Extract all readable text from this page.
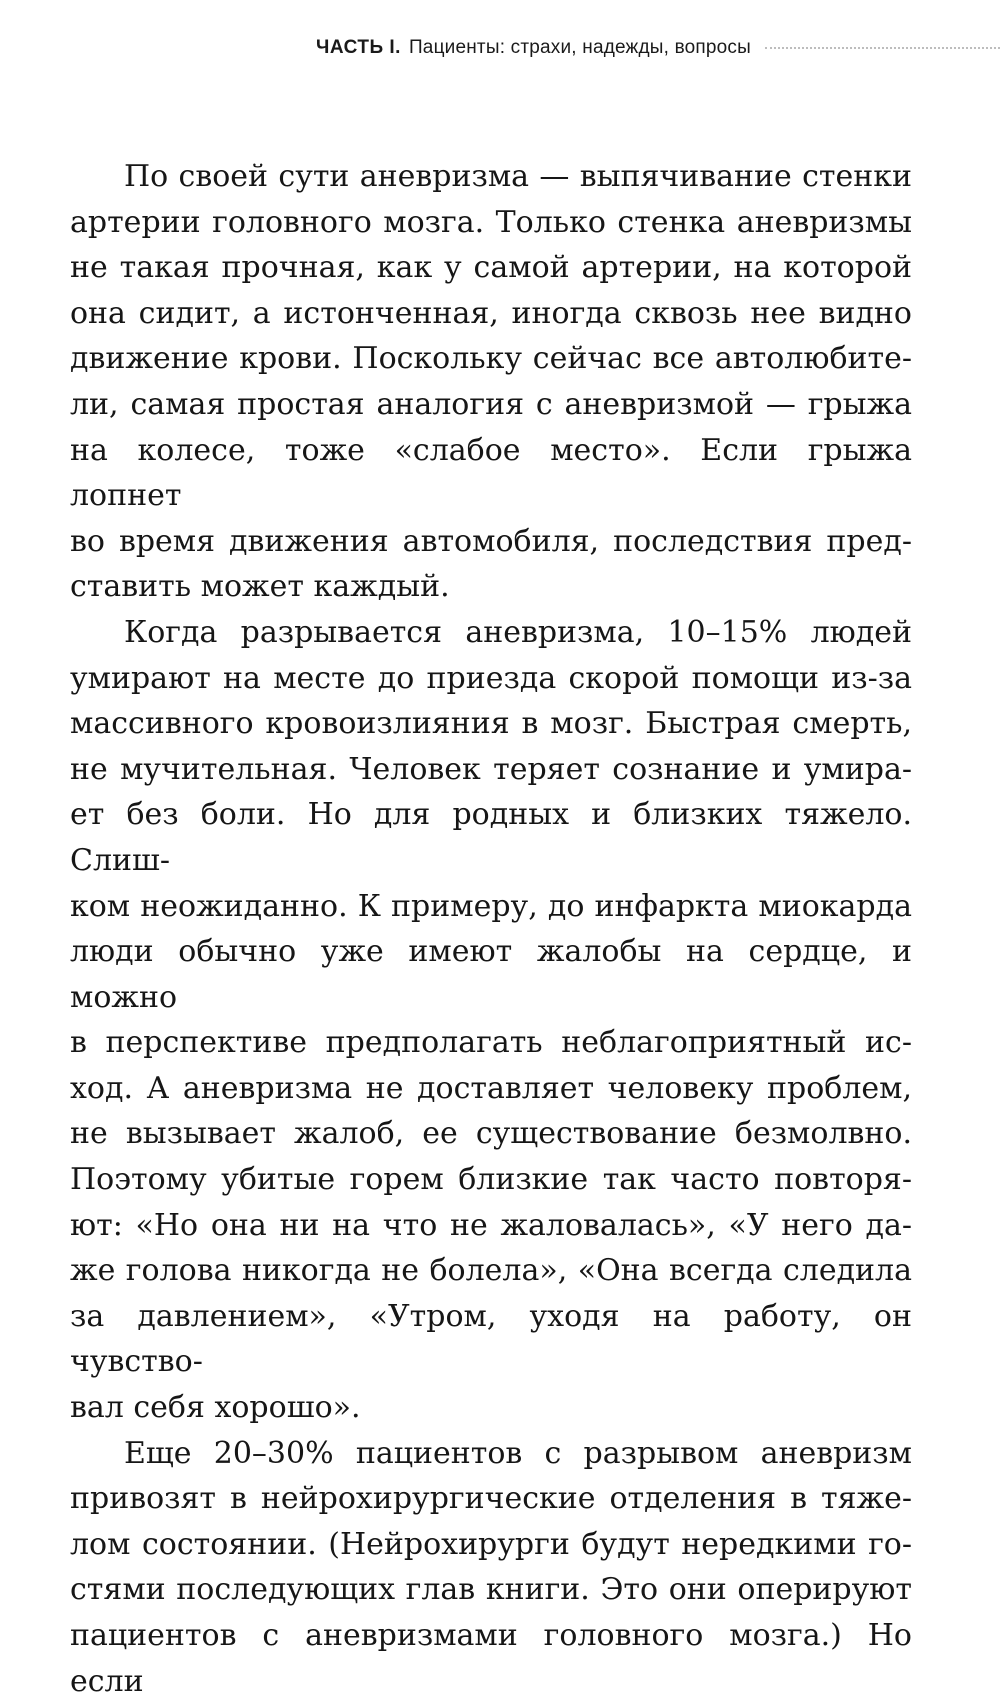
ЧАСТЬ I. Пациенты: страхи, надежды, вопросы
По своей сути аневризма — выпячивание стенки
артерии головного мозга. Только стенка аневризмы
не такая прочная, как у самой артерии, на которой
она сидит, а истонченная, иногда сквозь нее видно
движение крови. Поскольку сейчас все автолюбите-
ли, самая простая аналогия с аневризмой — грыжа
на колесе, тоже «слабое место». Если грыжа лопнет
во время движения автомобиля, последствия пред-
ставить может каждый.
Когда разрывается аневризма, 10–15% людей
умирают на месте до приезда скорой помощи из-за
массивного кровоизлияния в мозг. Быстрая смерть,
не мучительная. Человек теряет сознание и умира-
ет без боли. Но для родных и близких тяжело. Слиш-
ком неожиданно. К примеру, до инфаркта миокарда
люди обычно уже имеют жалобы на сердце, и можно
в перспективе предполагать неблагоприятный ис-
ход. А аневризма не доставляет человеку проблем,
не вызывает жалоб, ее существование безмолвно.
Поэтому убитые горем близкие так часто повторя-
ют: «Но она ни на что не жаловалась», «У него да-
же голова никогда не болела», «Она всегда следила
за давлением», «Утром, уходя на работу, он чувство-
вал себя хорошо».
Еще 20–30% пациентов с разрывом аневризм
привозят в нейрохирургические отделения в тяже-
лом состоянии. (Нейрохирурги будут нередкими го-
стями последующих глав книги. Это они оперируют
пациентов с аневризмами головного мозга.) Но если
